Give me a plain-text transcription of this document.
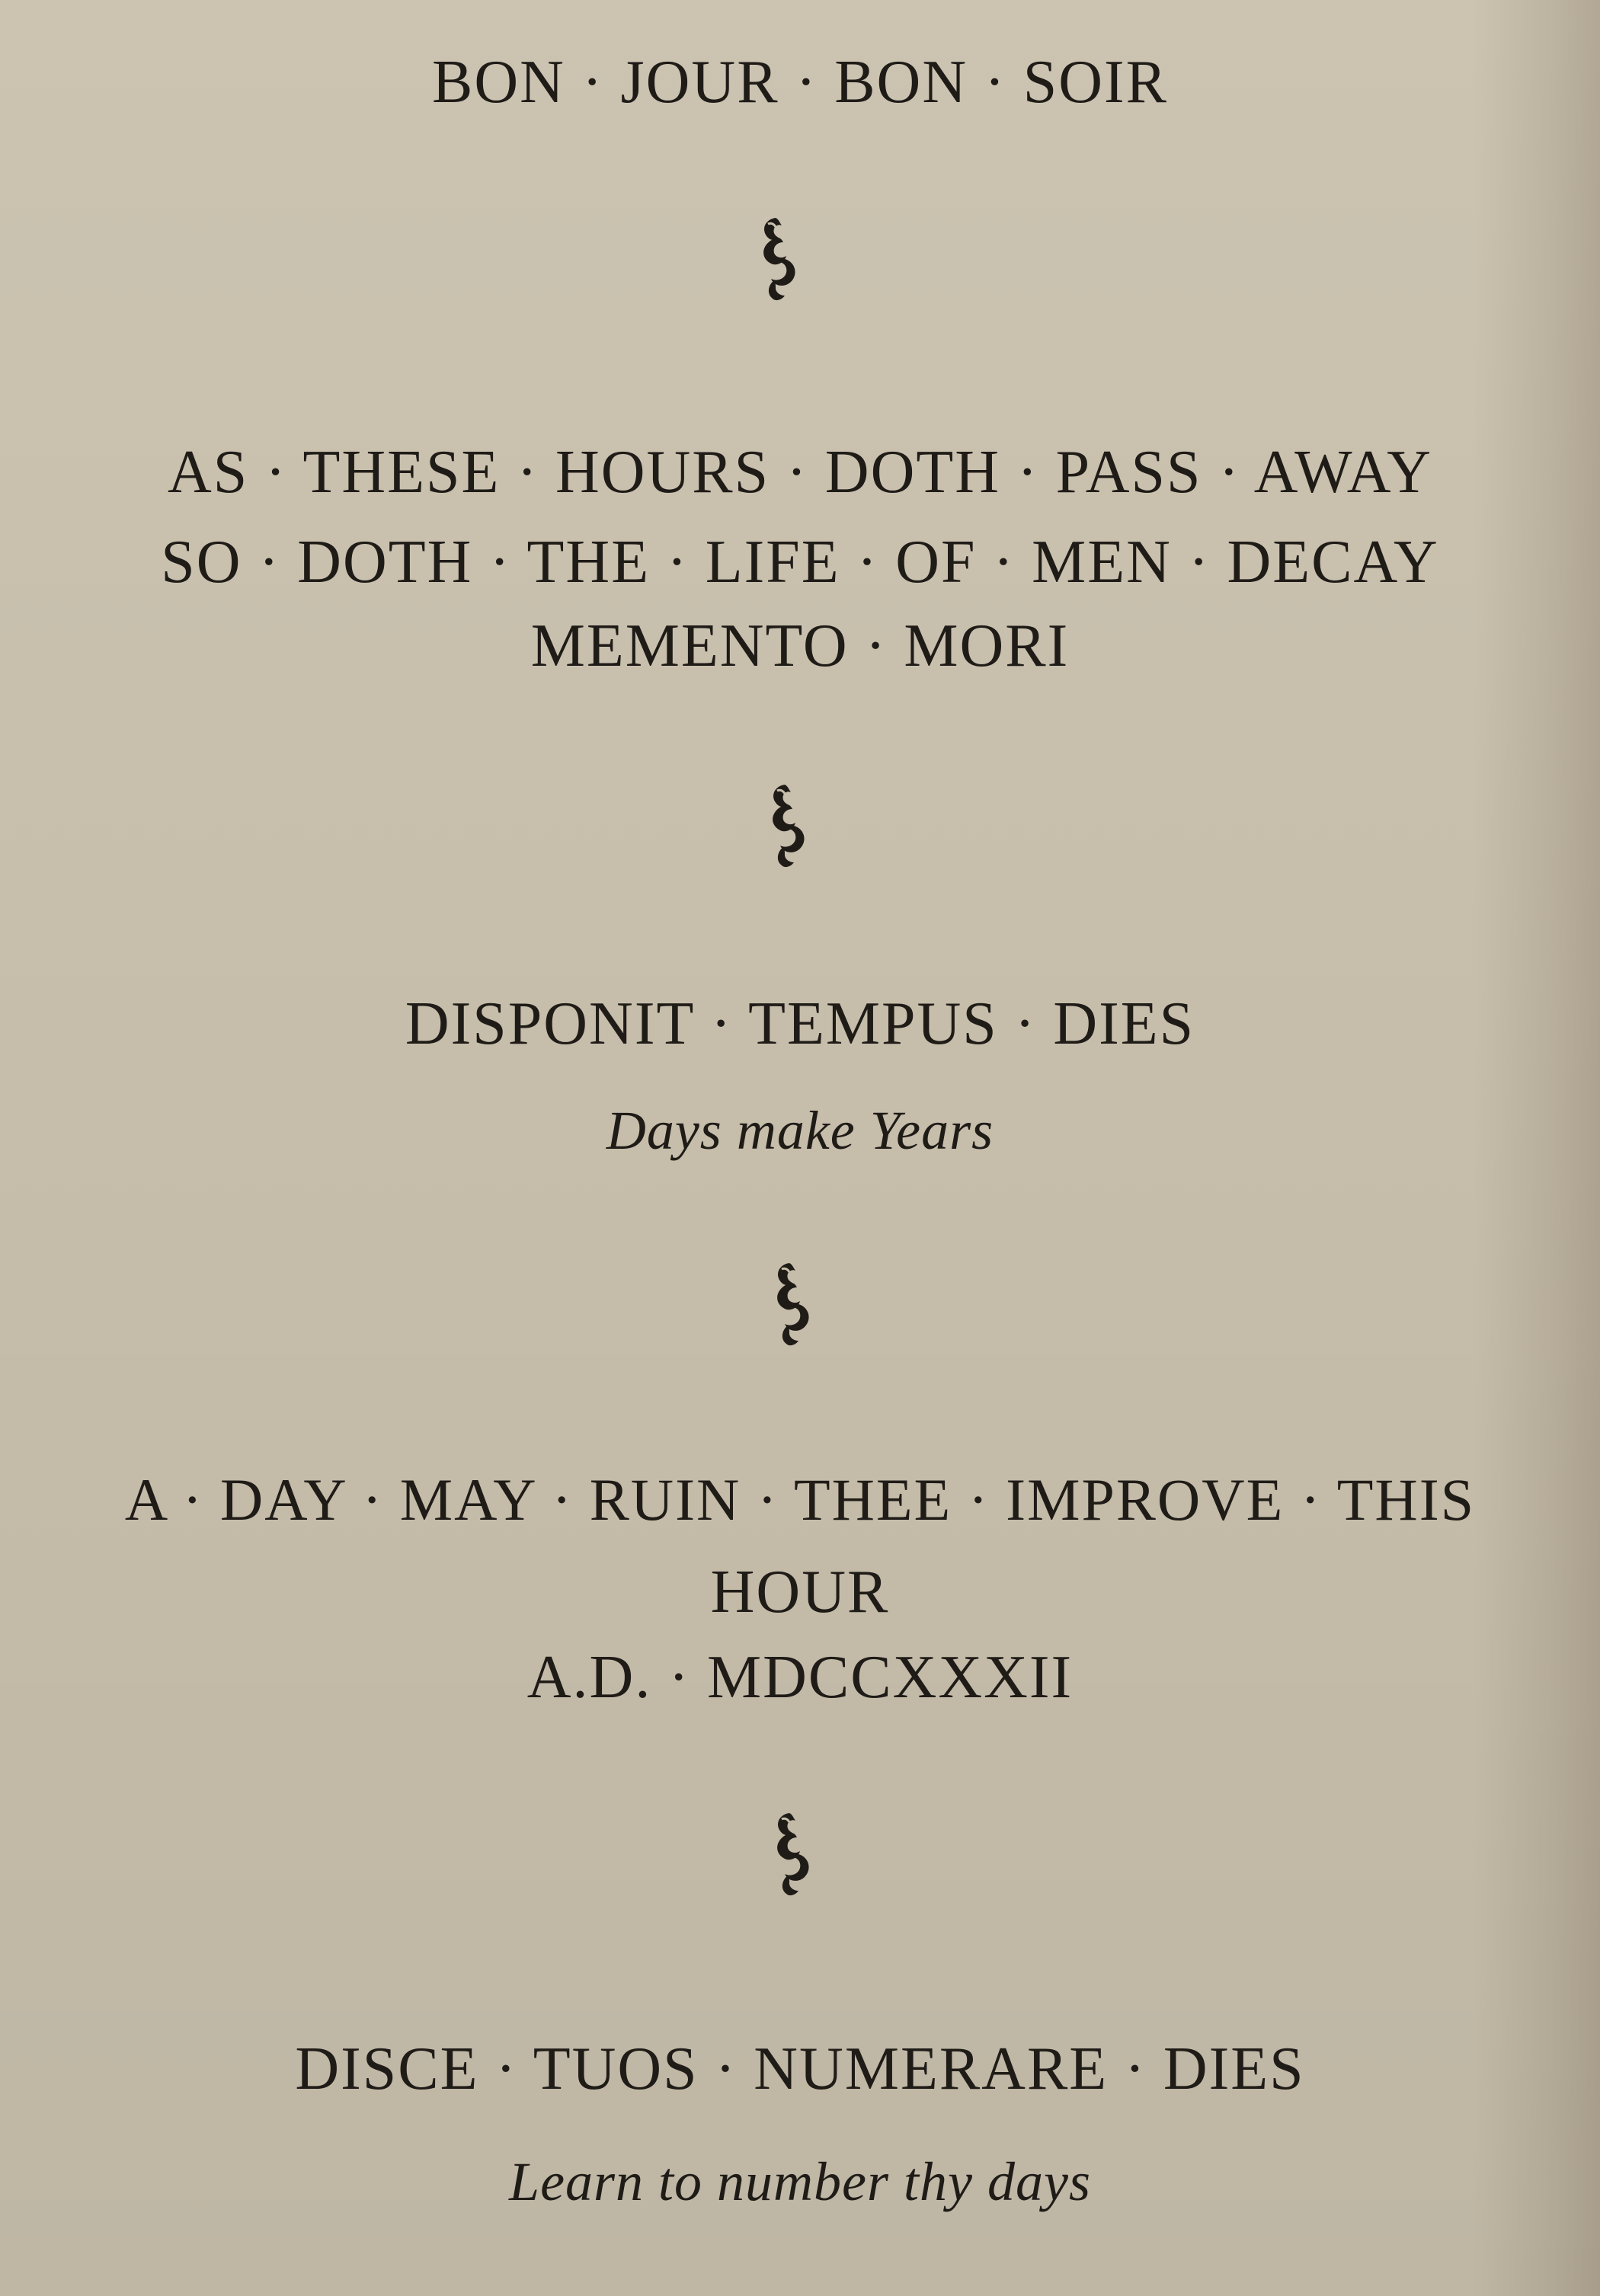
BON · JOUR · BON · SOIR
AS · THESE · HOURS · DOTH · PASS · AWAY
SO · DOTH · THE · LIFE · OF · MEN · DECAY
MEMENTO · MORI
DISPONIT · TEMPUS · DIES
Days make Years
A · DAY · MAY · RUIN · THEE · IMPROVE · THIS
HOUR
A.D. · MDCCXXXII
DISCE · TUOS · NUMERARE · DIES
Learn to number thy days
